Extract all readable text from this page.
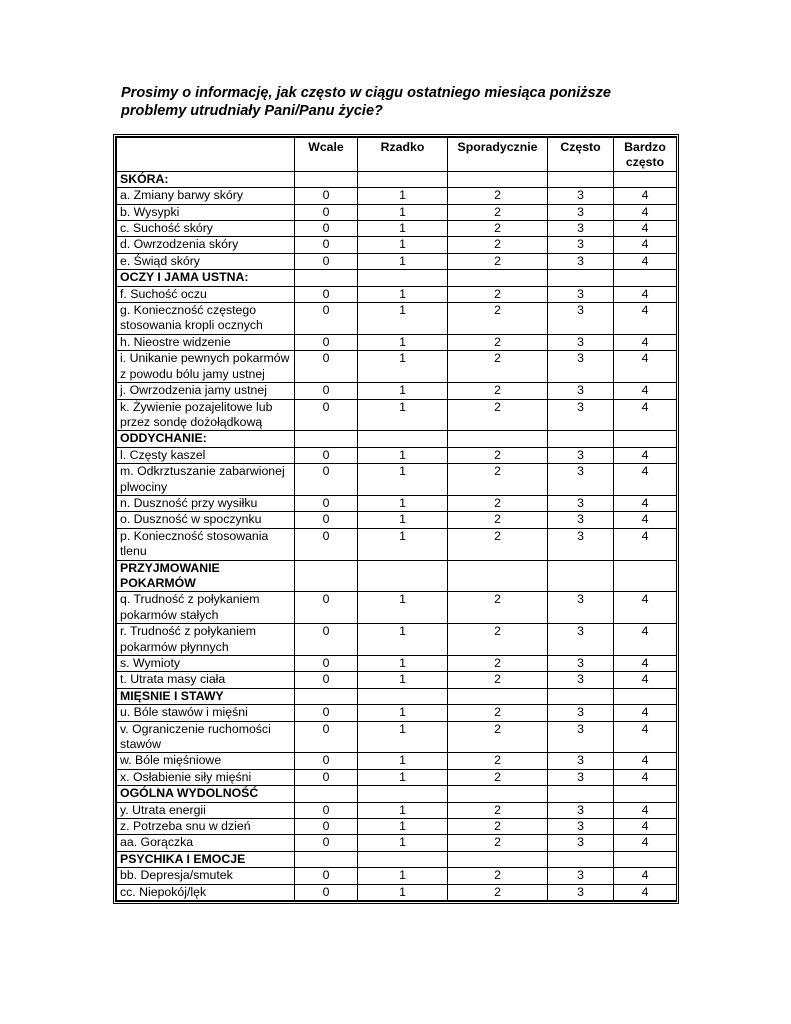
Prosimy o informację, jak często w ciągu ostatniego miesiąca poniższe
problemy utrudniały Pani/Panu życie?
	Wcale	Rzadko	Sporadycznie	Często	Bardzo
często
SKÓRA:					
a. Zmiany barwy skóry	0	1	2	3	4
b. Wysypki	0	1	2	3	4
c. Suchość skóry	0	1	2	3	4
d. Owrzodzenia skóry	0	1	2	3	4
e. Świąd skóry	0	1	2	3	4
OCZY I JAMA USTNA:					
f. Suchość oczu	0	1	2	3	4
g. Konieczność częstego stosowania kropli ocznych	0	1	2	3	4
h. Nieostre widzenie	0	1	2	3	4
i. Unikanie pewnych pokarmów z powodu bólu jamy ustnej	0	1	2	3	4
j. Owrzodzenia jamy ustnej	0	1	2	3	4
k. Żywienie pozajelitowe lub przez sondę dożołądkową	0	1	2	3	4
ODDYCHANIE:					
l. Częsty kaszel	0	1	2	3	4
m. Odkrztuszanie zabarwionej plwociny	0	1	2	3	4
n. Duszność przy wysiłku	0	1	2	3	4
o. Duszność w spoczynku	0	1	2	3	4
p. Konieczność stosowania tlenu	0	1	2	3	4
PRZYJMOWANIE POKARMÓW					
q. Trudność z połykaniem pokarmów stałych	0	1	2	3	4
r. Trudność z połykaniem pokarmów płynnych	0	1	2	3	4
s. Wymioty	0	1	2	3	4
t. Utrata masy ciała	0	1	2	3	4
MIĘSNIE I STAWY					
u. Bóle stawów i mięśni	0	1	2	3	4
v. Ograniczenie ruchomości stawów	0	1	2	3	4
w. Bóle mięśniowe	0	1	2	3	4
x. Osłabienie siły mięśni	0	1	2	3	4
OGÓLNA WYDOLNOŚĆ					
y. Utrata energii	0	1	2	3	4
z. Potrzeba snu w dzień	0	1	2	3	4
aa. Gorączka	0	1	2	3	4
PSYCHIKA I EMOCJE					
bb. Depresja/smutek	0	1	2	3	4
cc. Niepokój/lęk	0	1	2	3	4
